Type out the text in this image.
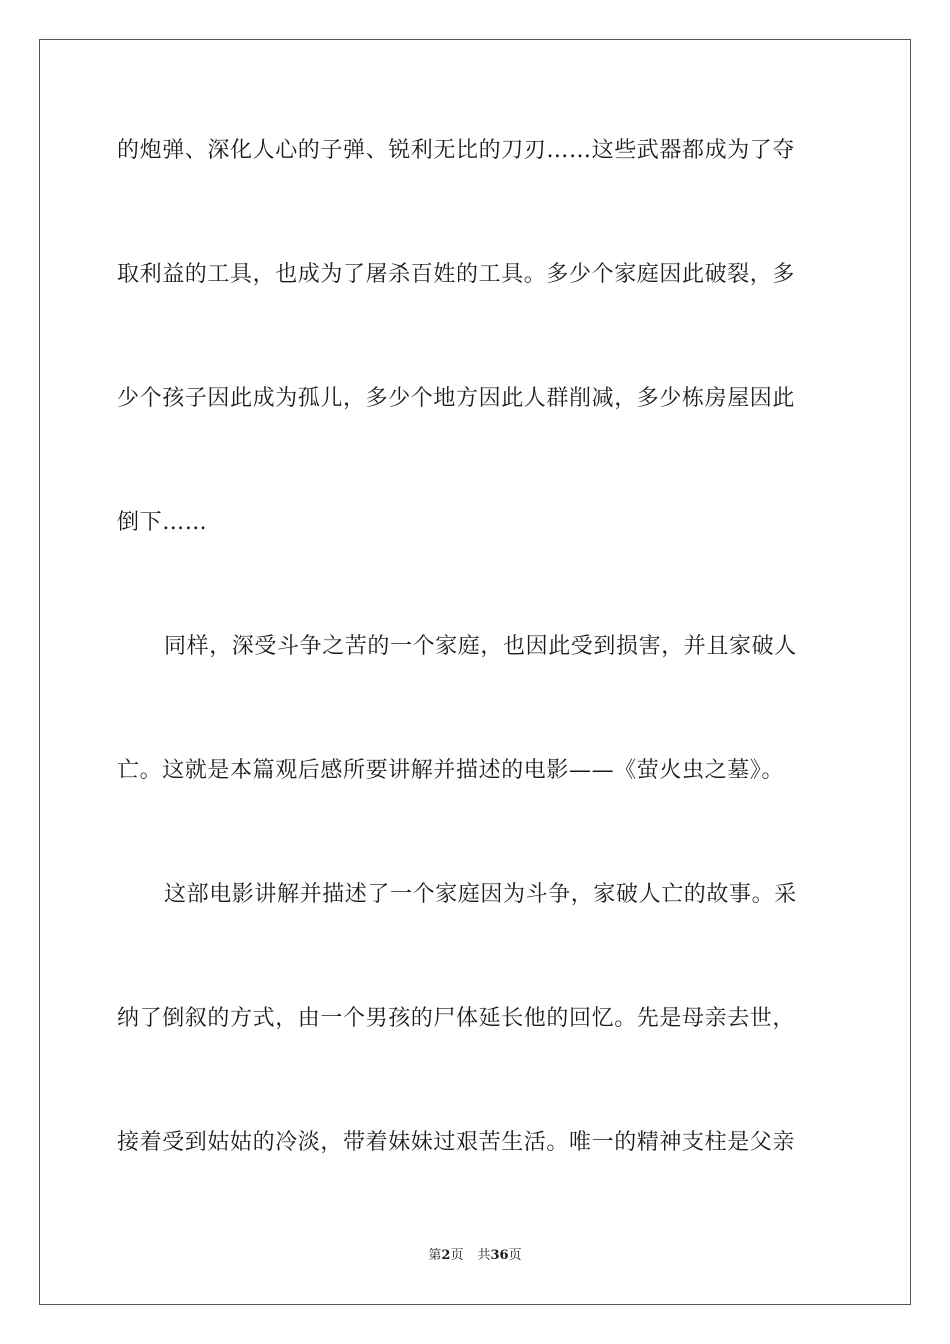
的炮弹、深化人心的子弹、锐利无比的刀刃……这些武器都成为了夺
取利益的工具，也成为了屠杀百姓的工具。多少个家庭因此破裂，多
少个孩子因此成为孤儿，多少个地方因此人群削减，多少栋房屋因此
倒下……
同样，深受斗争之苦的一个家庭，也因此受到损害，并且家破人
亡。这就是本篇观后感所要讲解并描述的电影——《萤火虫之墓》。
这部电影讲解并描述了一个家庭因为斗争，家破人亡的故事。采
纳了倒叙的方式，由一个男孩的尸体延长他的回忆。先是母亲去世，
接着受到姑姑的冷淡，带着妹妹过艰苦生活。唯一的精神支柱是父亲
第2页 共36页
